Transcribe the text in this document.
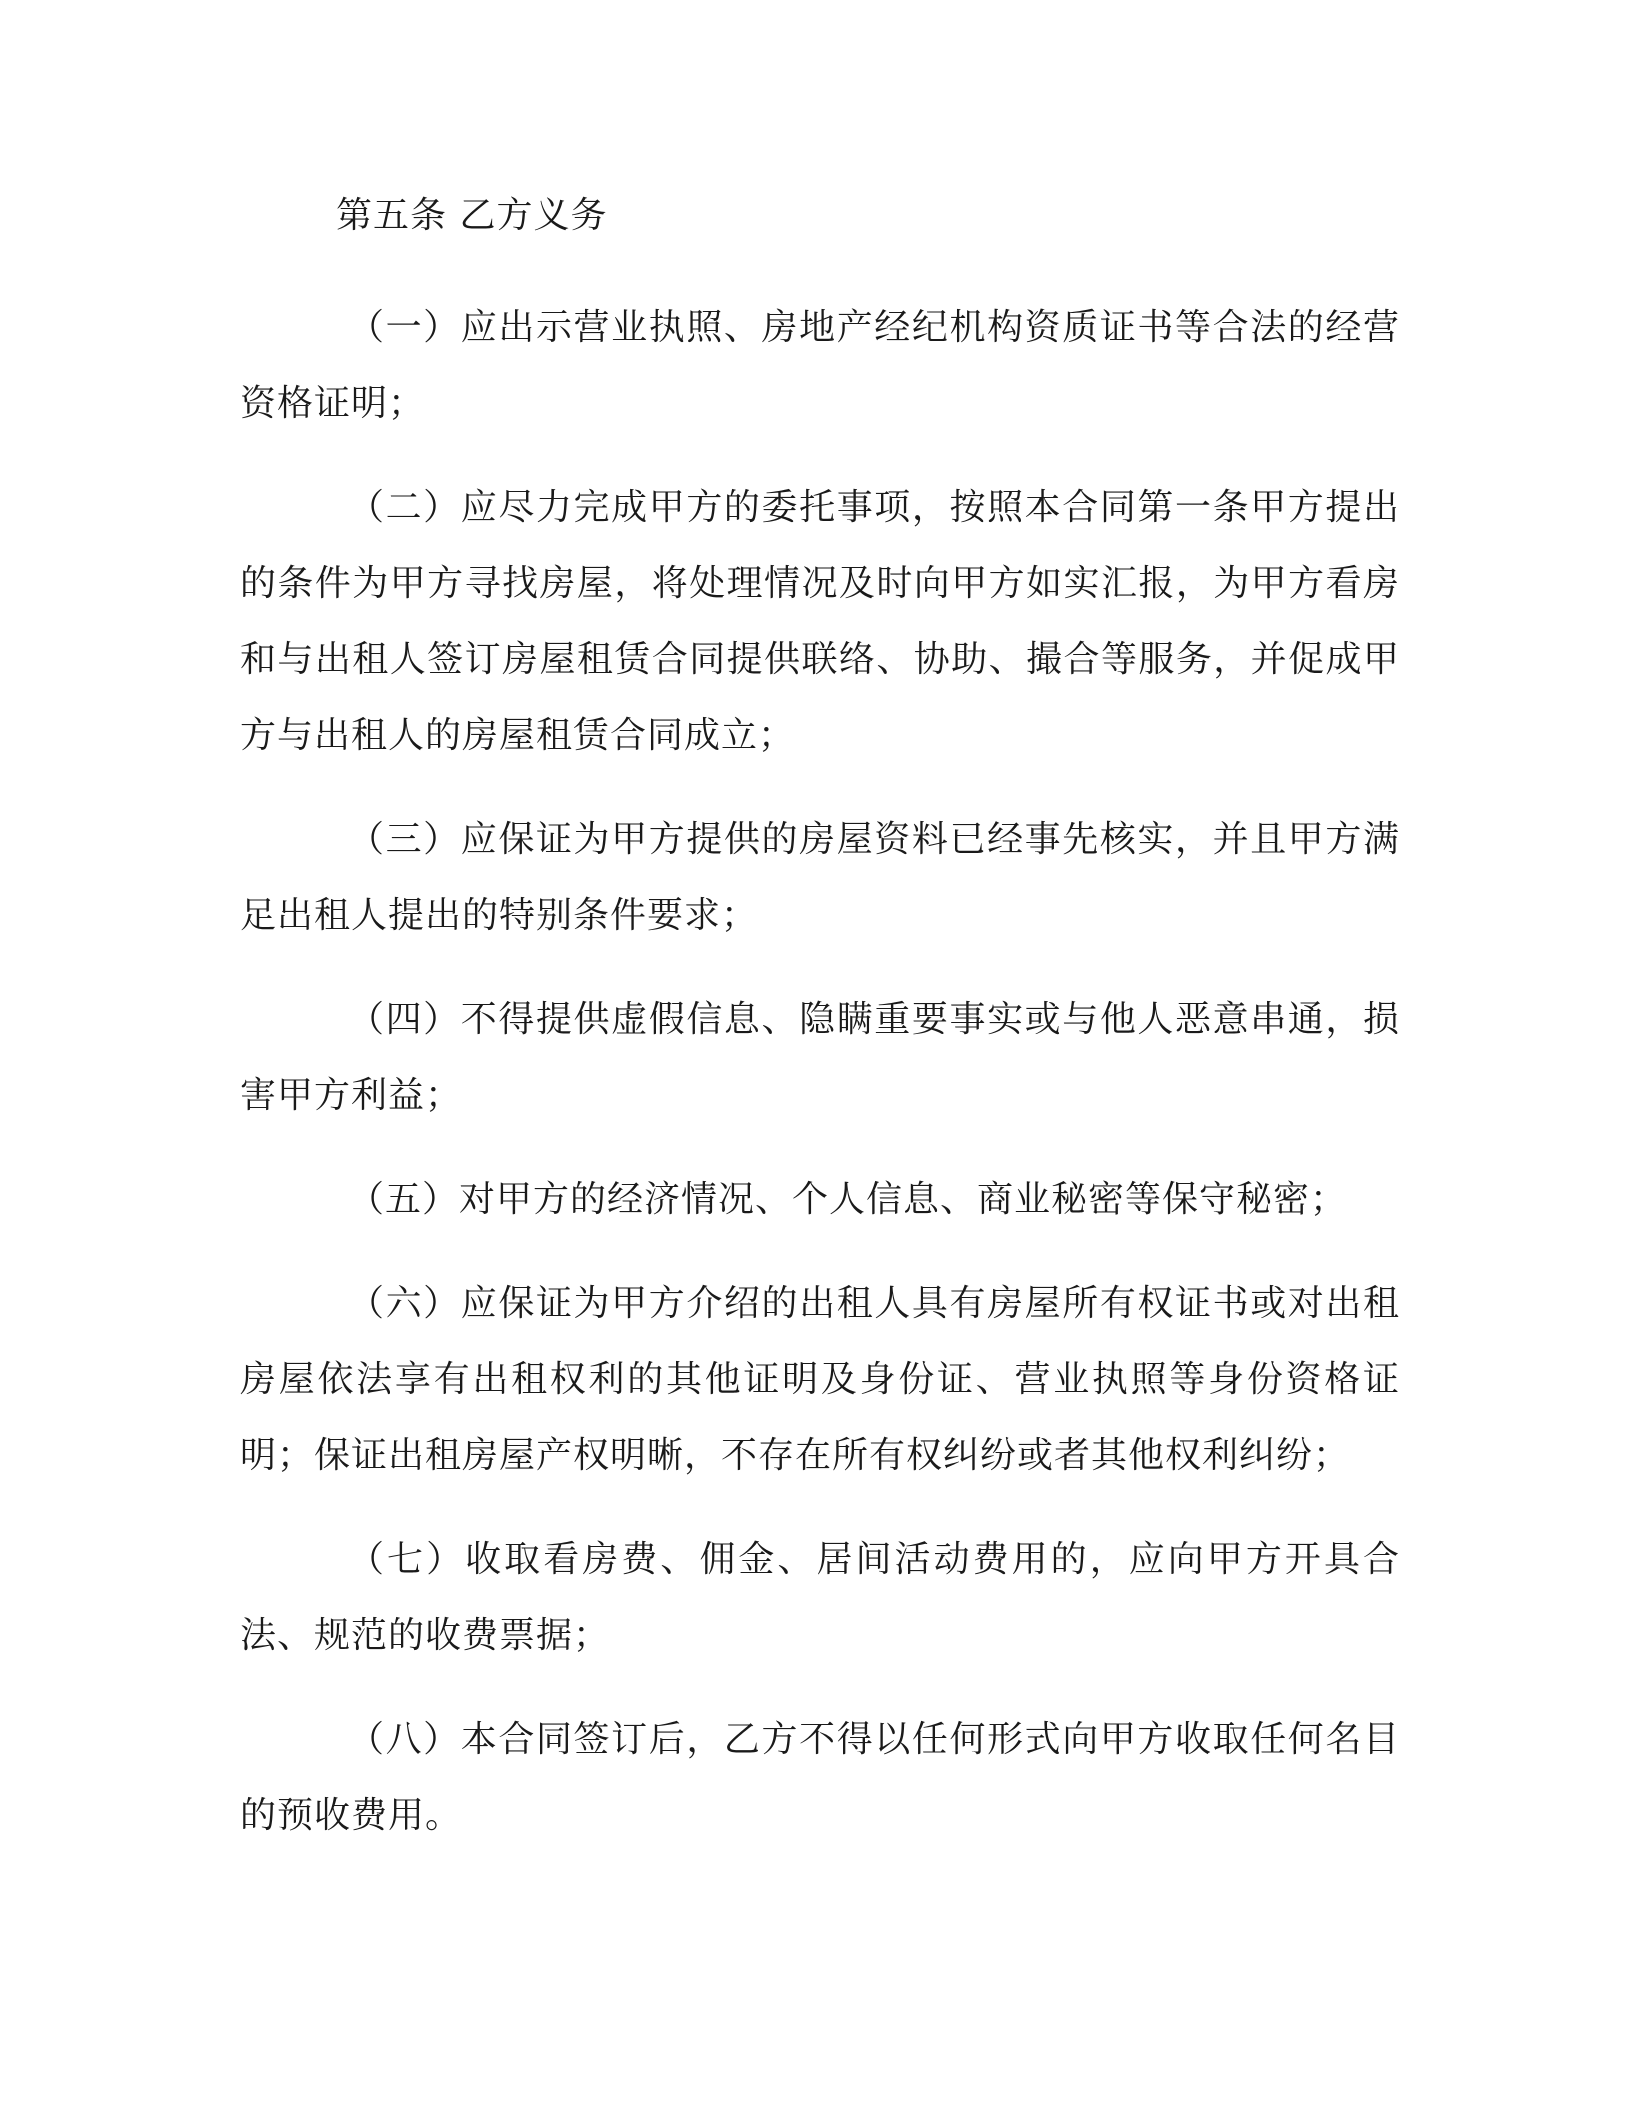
第五条 乙方义务

（一）应出示营业执照、房地产经纪机构资质证书等合法的经营资格证明；

（二）应尽力完成甲方的委托事项，按照本合同第一条甲方提出的条件为甲方寻找房屋，将处理情况及时向甲方如实汇报，为甲方看房和与出租人签订房屋租赁合同提供联络、协助、撮合等服务，并促成甲方与出租人的房屋租赁合同成立；

（三）应保证为甲方提供的房屋资料已经事先核实，并且甲方满足出租人提出的特别条件要求；

（四）不得提供虚假信息、隐瞒重要事实或与他人恶意串通，损害甲方利益；

（五）对甲方的经济情况、个人信息、商业秘密等保守秘密；

（六）应保证为甲方介绍的出租人具有房屋所有权证书或对出租房屋依法享有出租权利的其他证明及身份证、营业执照等身份资格证明；保证出租房屋产权明晰，不存在所有权纠纷或者其他权利纠纷；

（七）收取看房费、佣金、居间活动费用的，应向甲方开具合法、规范的收费票据；

（八）本合同签订后，乙方不得以任何形式向甲方收取任何名目的预收费用。
